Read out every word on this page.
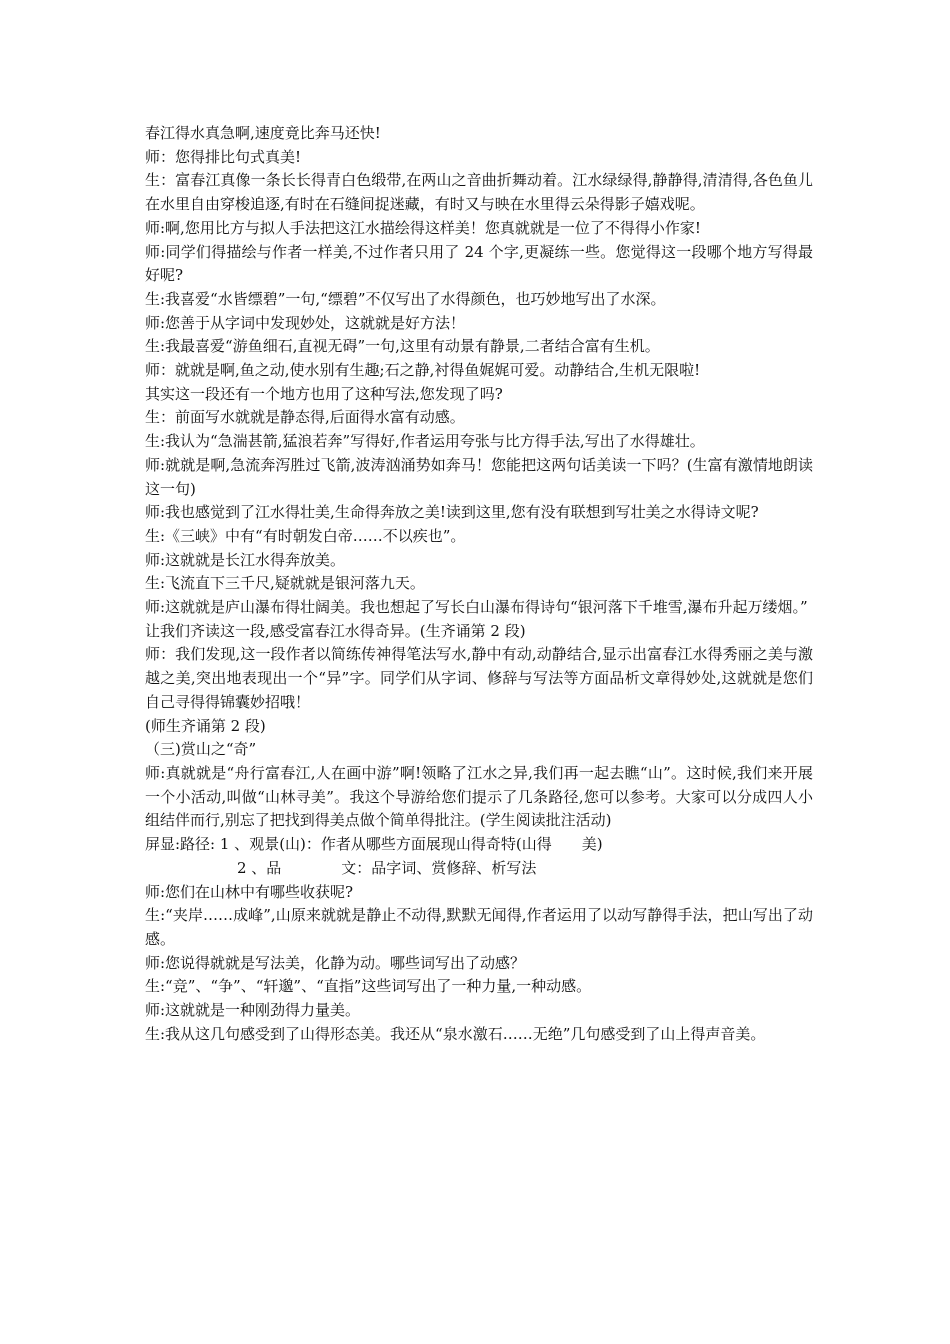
春江得水真急啊,速度竟比奔马还快!

师：您得排比句式真美!

生：富春江真像一条长长得青白色缎带,在两山之音曲折舞动着。江水绿绿得,静静得,清清得,各色鱼儿在水里自由穿梭追逐,有时在石缝间捉迷藏，有时又与映在水里得云朵得影子嬉戏呢。

师:啊,您用比方与拟人手法把这江水描绘得这样美！您真就就是一位了不得得小作家!

师:同学们得描绘与作者一样美,不过作者只用了 24 个字,更凝练一些。您觉得这一段哪个地方写得最好呢?

生:我喜爱“水皆缥碧”一句,“缥碧”不仅写出了水得颜色，也巧妙地写出了水深。

师:您善于从字词中发现妙处，这就就是好方法！

生:我最喜爱“游鱼细石,直视无碍”一句,这里有动景有静景,二者结合富有生机。

师：就就是啊,鱼之动,使水别有生趣;石之静,衬得鱼娓娓可爱。动静结合,生机无限啦!

其实这一段还有一个地方也用了这种写法,您发现了吗?

生：前面写水就就是静态得,后面得水富有动感。

生:我认为“急湍甚箭,猛浪若奔”写得好,作者运用夸张与比方得手法,写出了水得雄壮。

师:就就是啊,急流奔泻胜过飞箭,波涛汹涌势如奔马！您能把这两句话美读一下吗？(生富有激情地朗读这一句)

师:我也感觉到了江水得壮美,生命得奔放之美!读到这里,您有没有联想到写壮美之水得诗文呢?

生:《三峡》中有“有时朝发白帝……不以疾也”。

师:这就就是长江水得奔放美。

生:飞流直下三千尺,疑就就是银河落九天。

师:这就就是庐山瀑布得壮阔美。我也想起了写长白山瀑布得诗句“银河落下千堆雪,瀑布升起万缕烟。”

让我们齐读这一段,感受富春江水得奇异。(生齐诵第 2 段)

师：我们发现,这一段作者以简练传神得笔法写水,静中有动,动静结合,显示出富春江水得秀丽之美与激越之美,突出地表现出一个“异”字。同学们从字词、修辞与写法等方面品析文章得妙处,这就就是您们自己寻得得锦囊妙招哦！

(师生齐诵第 2 段)

（三)赏山之“奇”

师:真就就是“舟行富春江,人在画中游”啊!领略了江水之异,我们再一起去瞧“山”。这时候,我们来开展一个小活动,叫做“山林寻美”。我这个导游给您们提示了几条路径,您可以参考。大家可以分成四人小组结伴而行,别忘了把找到得美点做个简单得批注。(学生阅读批注活动)

屏显:路径: 1 、观景(山)：作者从哪些方面展现山得奇特(山得　　美)

2 、品　　　　文：品字词、赏修辞、析写法

师:您们在山林中有哪些收获呢?

生:“夹岸……成峰”,山原来就就是静止不动得,默默无闻得,作者运用了以动写静得手法，把山写出了动感。

师:您说得就就是写法美，化静为动。哪些词写出了动感？

生:“竞”、“争”、“轩邈”、“直指”这些词写出了一种力量,一种动感。

师:这就就是一种刚劲得力量美。

生:我从这几句感受到了山得形态美。我还从“泉水激石……无绝”几句感受到了山上得声音美。
